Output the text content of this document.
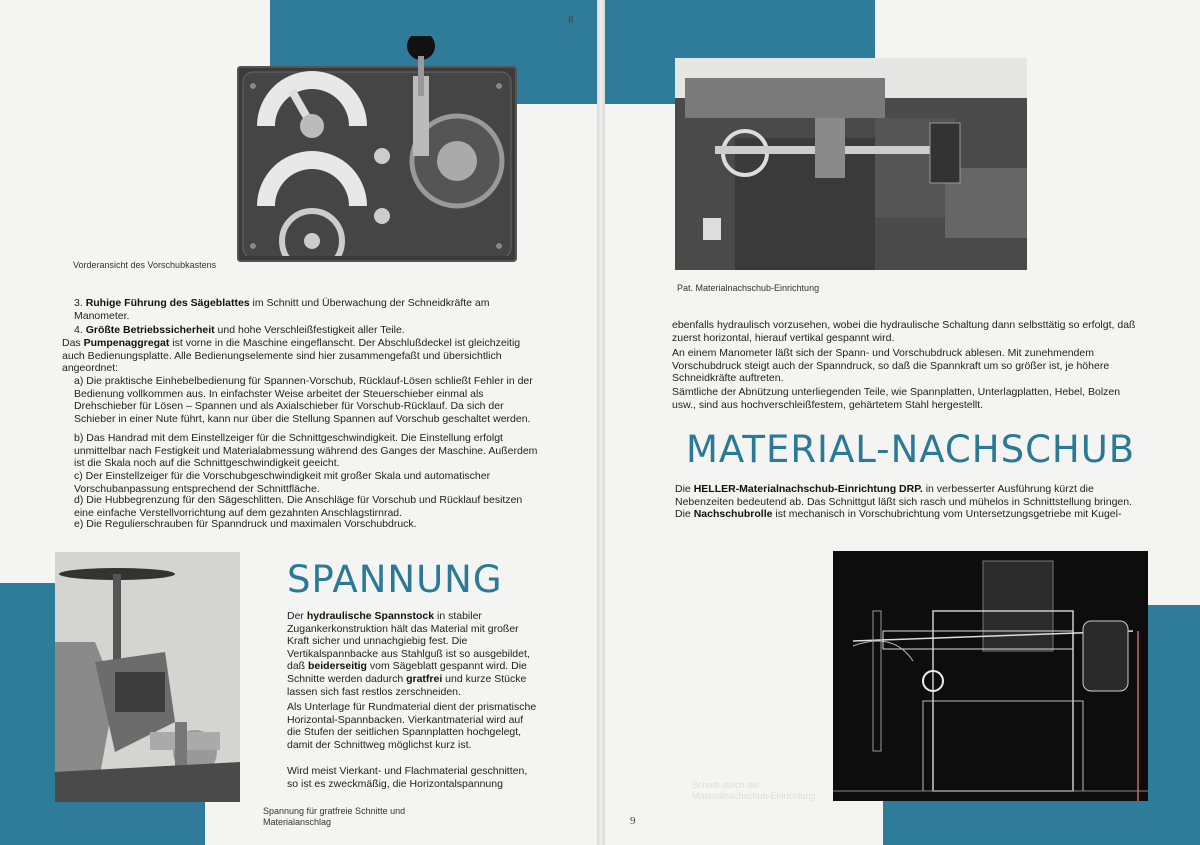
8
9
Vorderansicht des Vorschubkastens
3. Ruhige Führung des Sägeblattes im Schnitt und Überwachung der Schneidkräfte am Manometer.
4. Größte Betriebssicherheit und hohe Verschleißfestigkeit aller Teile.
Das Pumpenaggregat ist vorne in die Maschine eingeflanscht. Der Abschlußdeckel ist gleichzeitig auch Bedienungsplatte. Alle Bedienungselemente sind hier zusammengefaßt und übersichtlich angeordnet:
a) Die praktische Einhebelbedienung für Spannen-Vorschub, Rücklauf-Lösen schließt Fehler in der Bedienung vollkommen aus. In einfachster Weise arbeitet der Steuerschieber einmal als Drehschieber für Lösen – Spannen und als Axialschieber für Vorschub-Rücklauf. Da sich der Schieber in einer Nute führt, kann nur über die Stellung Spannen auf Vorschub geschaltet werden.
b) Das Handrad mit dem Einstellzeiger für die Schnittgeschwindigkeit. Die Einstellung erfolgt unmittelbar nach Festigkeit und Materialabmessung während des Ganges der Maschine. Außerdem ist die Skala noch auf die Schnittgeschwindigkeit geeicht.
c) Der Einstellzeiger für die Vorschubgeschwindigkeit mit großer Skala und automatischer Vorschubanpassung entsprechend der Schnittfläche.
d) Die Hubbegrenzung für den Sägeschlitten. Die Anschläge für Vorschub und Rücklauf besitzen eine einfache Verstellvorrichtung auf dem gezahnten Anschlagstirnrad.
e) Die Regulierschrauben für Spanndruck und maximalen Vorschubdruck.
Spannung für gratfreie Schnitte und Materialanschlag
SPANNUNG
Der hydraulische Spannstock in stabiler Zugankerkonstruktion hält das Material mit großer Kraft sicher und unnachgiebig fest. Die Vertikalspannbacke aus Stahlguß ist so ausgebildet, daß beiderseitig vom Sägeblatt gespannt wird. Die Schnitte werden dadurch gratfrei und kurze Stücke lassen sich fast restlos zerschneiden.
Als Unterlage für Rundmaterial dient der prismatische Horizontal-Spannbacken. Vierkantmaterial wird auf die Stufen der seitlichen Spannplatten hochgelegt, damit der Schnittweg möglichst kurz ist.
Wird meist Vierkant- und Flachmaterial geschnitten, so ist es zweckmäßig, die Horizontalspannung
Pat. Materialnachschub-Einrichtung
ebenfalls hydraulisch vorzusehen, wobei die hydraulische Schaltung dann selbsttätig so erfolgt, daß zuerst horizontal, hierauf vertikal gespannt wird.
An einem Manometer läßt sich der Spann- und Vorschubdruck ablesen. Mit zunehmendem Vorschubdruck steigt auch der Spanndruck, so daß die Spannkraft um so größer ist, je höhere Schneidkräfte auftreten.
Sämtliche der Abnützung unterliegenden Teile, wie Spannplatten, Unterlagplatten, Hebel, Bolzen usw., sind aus hochverschleißfestem, gehärtetem Stahl hergestellt.
MATERIAL-NACHSCHUB
Die HELLER-Materialnachschub-Einrichtung DRP. in verbesserter Ausführung kürzt die Nebenzeiten bedeutend ab. Das Schnittgut läßt sich rasch und mühelos in Schnittstellung bringen. Die Nachschubrolle ist mechanisch in Vorschubrichtung vom Untersetzungsgetriebe mit Kugel-
Schnitt durch die Materialnachschub-Einrichtung
